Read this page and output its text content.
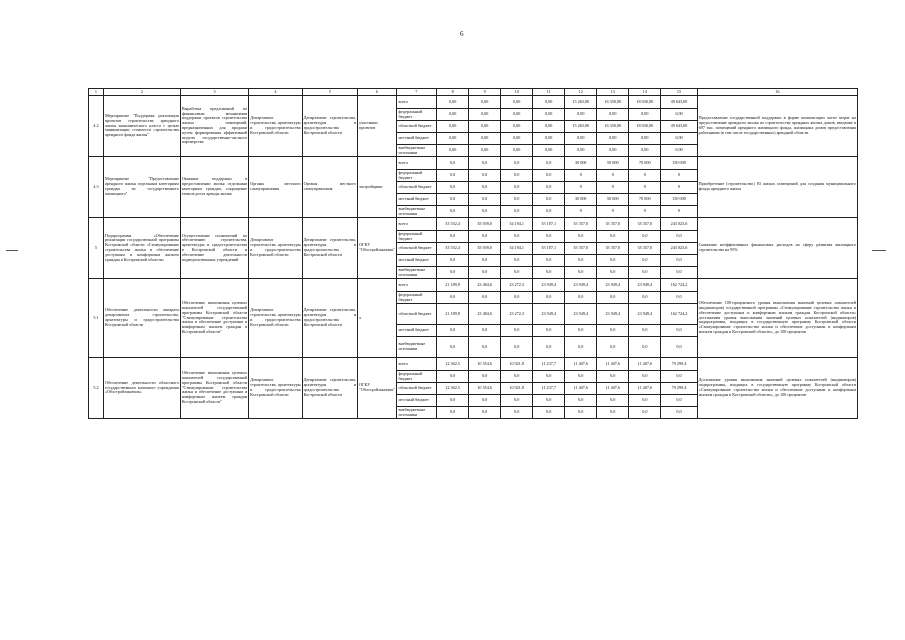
6
1	2	3	4	5	6	7	8	9	10	11	12	13	14	15	16
4.2	Мероприятие "Поддержка реализации проектов строительства арендного жилья экономического класса с целью минимизации стоимости строительства арендного фонда жилья"	Выработка предложений по финансовым механизмам поддержки проектов строительства жилых помещений, предназначенных для продажи путем формирования эффективной модели государственно-частного партнерства	Департамент строительства, архитектуры и градостроительства Костромской области	Департамент строительства, архитектуры и градостроительства Костромской области	участники проектов	всего	0,00	0,00	0,00	0,00	15 263,00	16 350,00	18 030,00	49 643,00	Предоставление государственной поддержки в форме компенсации части затрат на предоставление арендного жилья по строительству арендных жилых домов, введение в 697 тыс. помещений арендного жилищного фонда, жилищных домов предоставления работникам (в том числе государственных) арендной области
						федеральный бюджет	0,00	0,00	0,00	0,00	0,00	0,00	0,00	0,00	
						областной бюджет	0,00	0,00	0,00	0,00	15 263,00	16 350,00	18 030,00	49 643,00	
						местный бюджет	0,00	0,00	0,00	0,00	0,00	0,00	0,00	0,00	
						внебюджетные источники	0,00	0,00	0,00	0,00	0,00	0,00	0,00	0,00	
4.3	Мероприятие "Предоставление арендного жилья отдельным категориям граждан из государственного жилищного"	Оказание поддержки в предоставлении жилья отдельным категориям граждан, сокращение темпов роста аренды жилья	Органы местного самоуправления	Органы местного самоуправления	застройщики	всего	0,0	0,0	0,0	0,0	30 000	50 000	70 000	150 000	Приобретение (строительство) 83 жилых помещений для создания муниципального фонда арендного жилья
						федеральный бюджет	0,0	0,0	0,0	0,0	0	0	0	0	
						областной бюджет	0,0	0,0	0,0	0,0	0	0	0	0	
						местный бюджет	0,0	0,0	0,0	0,0	30 000	50 000	70 000	150 000	
						внебюджетные источники	0,0	0,0	0,0	0,0	0	0	0	0	
5	Подпрограмма «Обеспечение реализации государственной программы Костромской области «Стимулирование строительства жилья и обеспечение доступным и комфортным жильем граждан в Костромской области»	Осуществление полномочий по обеспечению строительства, архитектуры и градостроительства в Костромской области и обеспечение деятельности подведомственных учреждений	Департамент строительства, архитектуры и градостроительства Костромской области	Департамент строительства, архитектуры и градостроительства Костромской области	ОГКУ "Облстройзаказчик"	всего	33 552,4	35 039,0	34 194,1	35 187,1	35 357,0	35 357,0	35 357,0	243 023,6	Снижение неэффективных финансовых расходов на сферу развития жилищного строительства на 95%
						федеральный бюджет	0,0	0,0	0,0	0,0	0,0	0,0	0,0	0,0	
						областной бюджет	33 552,4	35 039,0	34 194,1	35 187,1	35 357,0	35 357,0	35 357,0	243 023,6	
						местный бюджет	0,0	0,0	0,0	0,0	0,0	0,0	0,0	0,0	
						внебюджетные источники	0,0	0,0	0,0	0,0	0,0	0,0	0,0	0,0	
5.1	Обеспечение деятельности аппарата департамента строительства, архитектуры и градостроительства Костромской области	Обеспечение выполнения целевых показателей государственной программы Костромской области "Стимулирование строительства жилья и обеспечение доступным и комфортным жильем граждан в Костромской области"	Департамент строительства, архитектуры и градостроительства Костромской области	Департамент строительства, архитектуры и градостроительства Костромской области	х	всего	21 189,9	23 484,6	23 272,3	23 949,4	23 949,4	23 949,4	23 949,4	162 724,2	Обеспечение 100-процентного уровня выполнения значений целевых показателей (индикаторов) государственной программы «Стимулирование строительства жилья и обеспечение доступным и комфортным жильем граждан Костромской области» достижения уровня выполнения значений целевых показателей (индикаторов) подпрограммы, входящих в государственную программу Костромской области «Стимулирование строительства жилья и обеспечение доступным и комфортным жильем граждан в Костромской области», до 100 процентов
						федеральный бюджет	0,0	0,0	0,0	0,0	0,0	0,0	0,0	0,0	
						областной бюджет	21 189,9	23 484,6	23 272,3	23 949,4	23 949,4	23 949,4	23 949,4	162 724,2	
						местный бюджет	0,0	0,0	0,0	0,0	0,0	0,0	0,0	0,0	
						внебюджетные источники	0,0	0,0	0,0	0,0	0,0	0,0	0,0	0,0	
5.2	Обеспечение деятельности областного государственного казенного учреждения «Облстройзаказчик»	Обеспечение выполнения целевых показателей государственной программы Костромской области "Стимулирование строительства жилья и обеспечение доступным и комфортным жильем граждан Костромской области"	Департамент строительства, архитектуры и градостроительства Костромской области	Департамент строительства, архитектуры и градостроительства Костромской области	ОГКУ "Облстройзаказчик"	всего	12 362,5	10 554,6	10 921,8	11 237,7	11 407,6	11 407,6	11 407,6	79 299,4	Достижение уровня выполнения значений целевых показателей (индикаторов) подпрограммы, входящих в государственную программу Костромской области «Стимулирование строительства жилья и обеспечение доступным и комфортным жильем граждан в Костромской области», до 100 процентов
						федеральный бюджет	0,0	0,0	0,0	0,0	0,0	0,0	0,0	0,0	
						областной бюджет	12 362,5	10 554,6	10 921,8	11 237,7	11 407,6	11 407,6	11 407,6	79 299,4	
						местный бюджет	0,0	0,0	0,0	0,0	0,0	0,0	0,0	0,0	
						внебюджетные источники	0,0	0,0	0,0	0,0	0,0	0,0	0,0	0,0	
